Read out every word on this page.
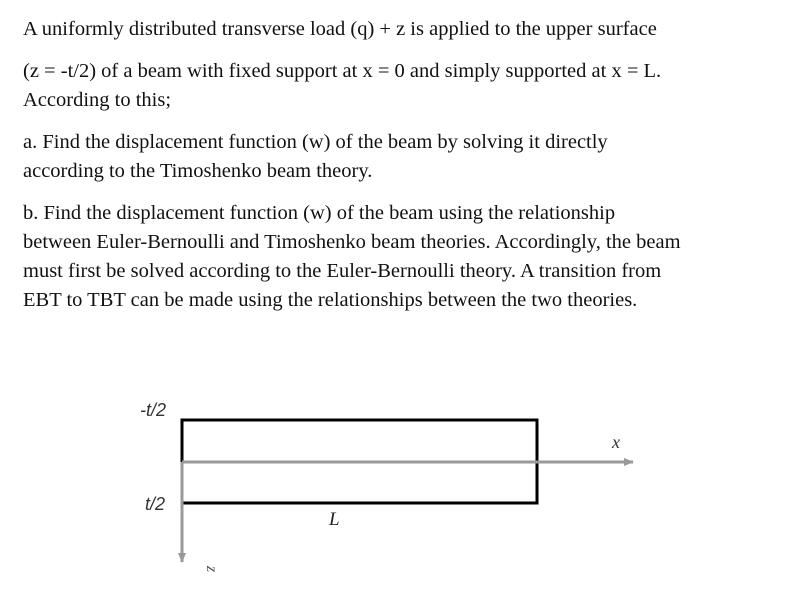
A uniformly distributed transverse load (q) + z is applied to the upper surface
(z = -t/2) of a beam with fixed support at x = 0 and simply supported at x = L.
According to this;
a. Find the displacement function (w) of the beam by solving it directly
according to the Timoshenko beam theory.
b. Find the displacement function (w) of the beam using the relationship
between Euler-Bernoulli and Timoshenko beam theories. Accordingly, the beam
must first be solved according to the Euler-Bernoulli theory. A transition from
EBT to TBT can be made using the relationships between the two theories.
-t/2
t/2
L
x
z
